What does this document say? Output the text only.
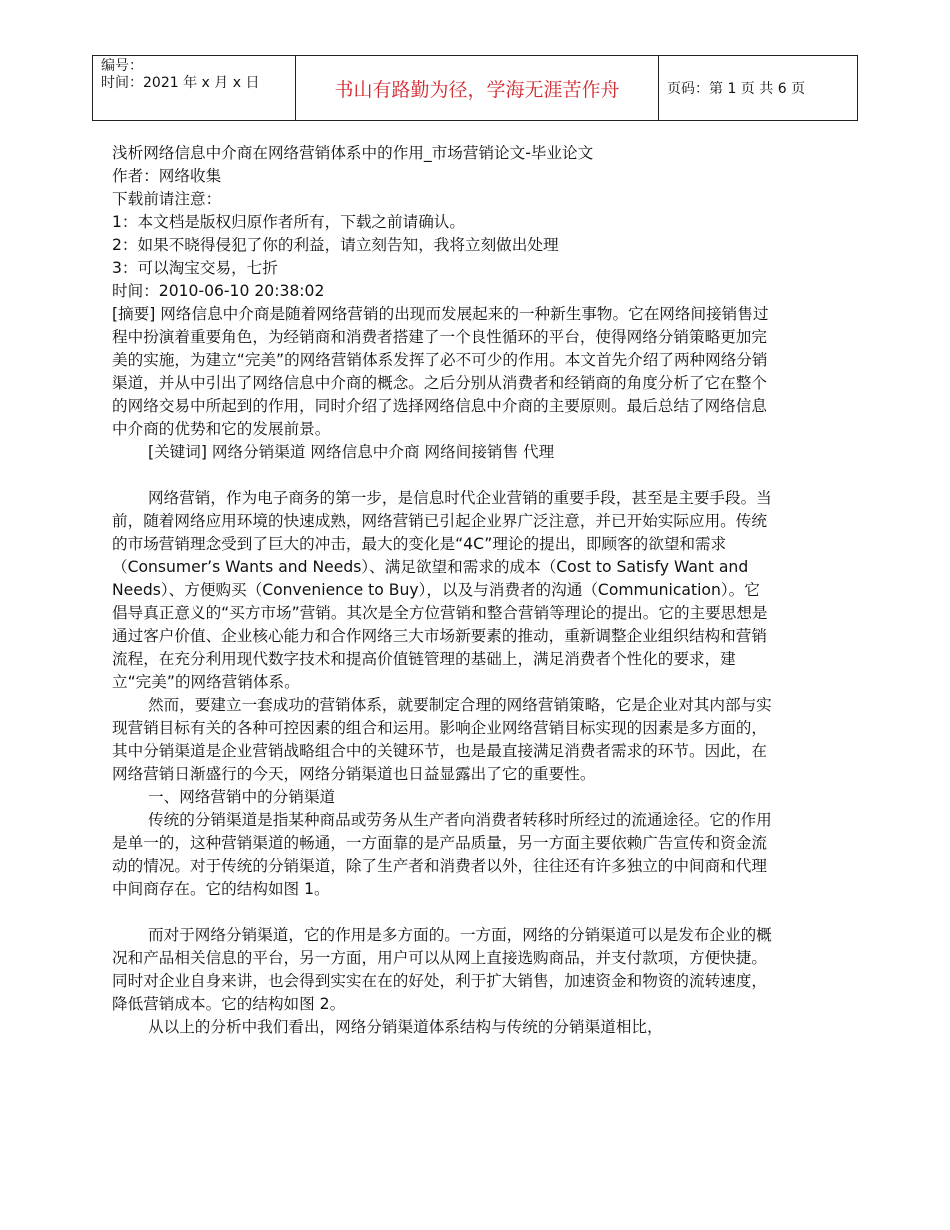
编号：
时间：2021 年 x 月 x 日	书山有路勤为径，学海无涯苦作舟	页码：第 1 页 共 6 页

浅析网络信息中介商在网络营销体系中的作用_市场营销论文-毕业论文

作者：网络收集

下载前请注意：

1：本文档是版权归原作者所有，下载之前请确认。

2：如果不晓得侵犯了你的利益，请立刻告知，我将立刻做出处理

3：可以淘宝交易，七折

时间：2010-06-10 20:38:02

[摘要] 网络信息中介商是随着网络营销的出现而发展起来的一种新生事物。它在网络间接销售过程中扮演着重要角色，为经销商和消费者搭建了一个良性循环的平台，使得网络分销策略更加完美的实施，为建立“完美”的网络营销体系发挥了必不可少的作用。本文首先介绍了两种网络分销渠道，并从中引出了网络信息中介商的概念。之后分别从消费者和经销商的角度分析了它在整个的网络交易中所起到的作用，同时介绍了选择网络信息中介商的主要原则。最后总结了网络信息中介商的优势和它的发展前景。

[关键词] 网络分销渠道 网络信息中介商 网络间接销售 代理

网络营销，作为电子商务的第一步，是信息时代企业营销的重要手段，甚至是主要手段。当前，随着网络应用环境的快速成熟，网络营销已引起企业界广泛注意，并已开始实际应用。传统的市场营销理念受到了巨大的冲击，最大的变化是“4C”理论的提出，即顾客的欲望和需求（Consumer’s Wants and Needs）、满足欲望和需求的成本（Cost to Satisfy Want and Needs）、方便购买（Convenience to Buy），以及与消费者的沟通（Communication）。它倡导真正意义的“买方市场”营销。其次是全方位营销和整合营销等理论的提出。它的主要思想是通过客户价值、企业核心能力和合作网络三大市场新要素的推动，重新调整企业组织结构和营销流程，在充分利用现代数字技术和提高价值链管理的基础上，满足消费者个性化的要求，建立“完美”的网络营销体系。

然而，要建立一套成功的营销体系，就要制定合理的网络营销策略，它是企业对其内部与实现营销目标有关的各种可控因素的组合和运用。影响企业网络营销目标实现的因素是多方面的，其中分销渠道是企业营销战略组合中的关键环节，也是最直接满足消费者需求的环节。因此，在网络营销日渐盛行的今天，网络分销渠道也日益显露出了它的重要性。

一、网络营销中的分销渠道

传统的分销渠道是指某种商品或劳务从生产者向消费者转移时所经过的流通途径。它的作用是单一的，这种营销渠道的畅通，一方面靠的是产品质量，另一方面主要依赖广告宣传和资金流动的情况。对于传统的分销渠道，除了生产者和消费者以外，往往还有许多独立的中间商和代理中间商存在。它的结构如图 1。

而对于网络分销渠道，它的作用是多方面的。一方面，网络的分销渠道可以是发布企业的概况和产品相关信息的平台，另一方面，用户可以从网上直接选购商品，并支付款项，方便快捷。同时对企业自身来讲，也会得到实实在在的好处，利于扩大销售，加速资金和物资的流转速度，降低营销成本。它的结构如图 2。

从以上的分析中我们看出，网络分销渠道体系结构与传统的分销渠道相比，
